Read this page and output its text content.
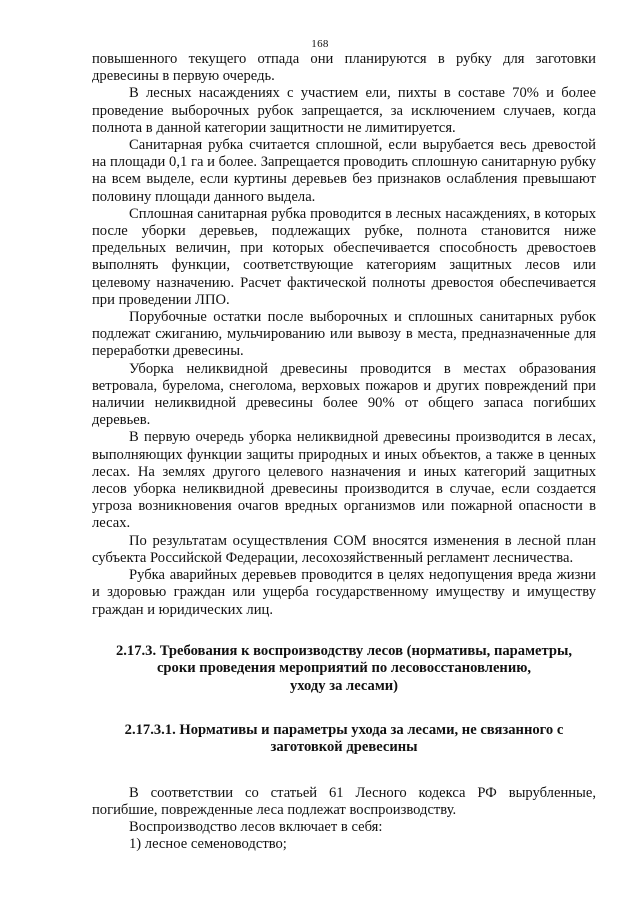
168

повышенного текущего отпада они планируются в рубку для заготовки древесины в первую очередь.

В лесных насаждениях с участием ели, пихты в составе 70% и более проведение выборочных рубок запрещается, за исключением случаев, когда полнота в данной категории защитности не лимитируется.

Санитарная рубка считается сплошной, если вырубается весь древостой на площади 0,1 га и более. Запрещается проводить сплошную санитарную рубку на всем выделе, если куртины деревьев без признаков ослабления превышают половину площади данного выдела.

Сплошная санитарная рубка проводится в лесных насаждениях, в которых после уборки деревьев, подлежащих рубке, полнота становится ниже предельных величин, при которых обеспечивается способность древостоев выполнять функции, соответствующие категориям защитных лесов или целевому назначению. Расчет фактической полноты древостоя обеспечивается при проведении ЛПО.

Порубочные остатки после выборочных и сплошных санитарных рубок подлежат сжиганию, мульчированию или вывозу в места, предназначенные для переработки древесины.

Уборка неликвидной древесины проводится в местах образования ветровала, бурелома, снеголома, верховых пожаров и других повреждений при наличии неликвидной древесины более 90% от общего запаса погибших деревьев.

В первую очередь уборка неликвидной древесины производится в лесах, выполняющих функции защиты природных и иных объектов, а также в ценных лесах. На землях другого целевого назначения и иных категорий защитных лесов уборка неликвидной древесины производится в случае, если создается угроза возникновения очагов вредных организмов или пожарной опасности в лесах.

По результатам осуществления СОМ вносятся изменения в лесной план субъекта Российской Федерации, лесохозяйственный регламент лесничества.

Рубка аварийных деревьев проводится в целях недопущения вреда жизни и здоровью граждан или ущерба государственному имуществу и имуществу граждан и юридических лиц.

2.17.3. Требования к воспроизводству лесов (нормативы, параметры,
сроки проведения мероприятий по лесовосстановлению,
уходу за лесами)
2.17.3.1. Нормативы и параметры ухода за лесами, не связанного с
заготовкой древесины

В соответствии со статьей 61 Лесного кодекса РФ вырубленные, погибшие, поврежденные леса подлежат воспроизводству.

Воспроизводство лесов включает в себя:

1) лесное семеноводство;
